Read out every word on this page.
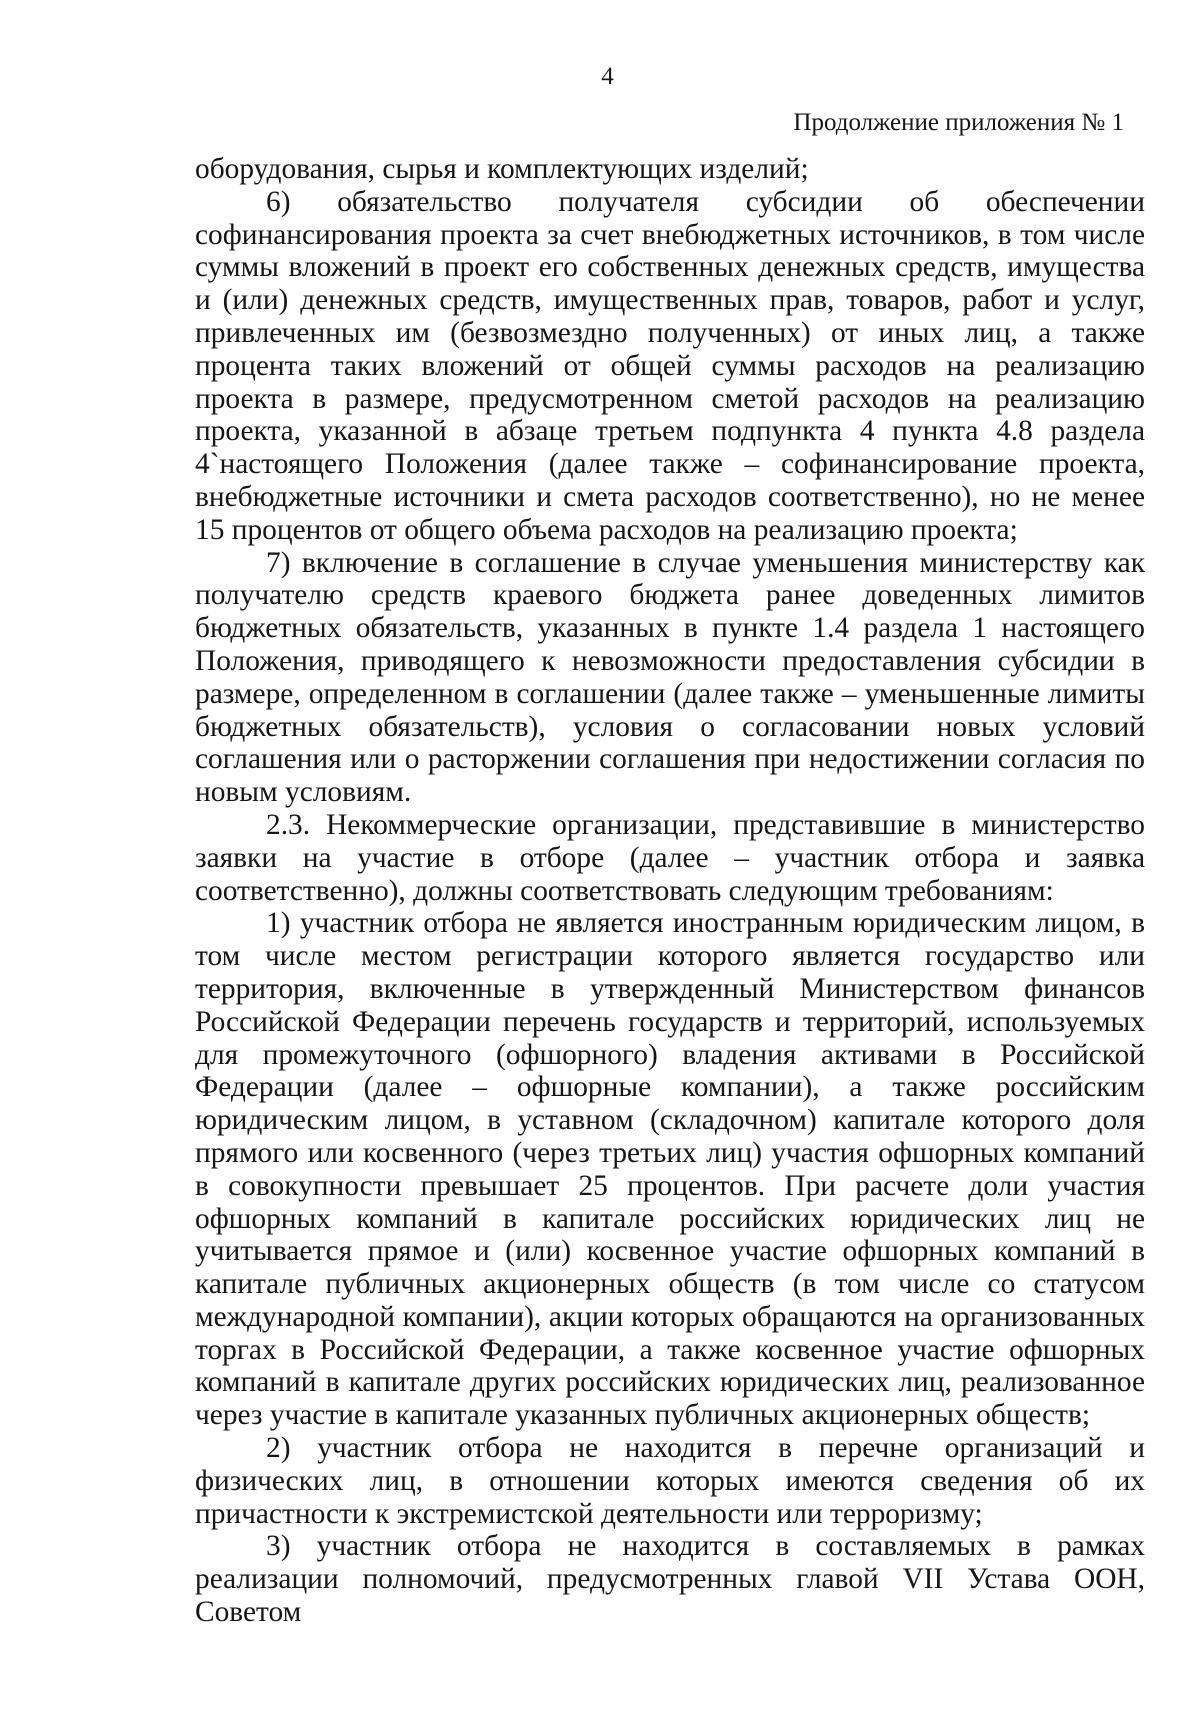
4
Продолжение приложения № 1

оборудования, сырья и комплектующих изделий;

6) обязательство получателя субсидии об обеспечении софинансирования проекта за счет внебюджетных источников, в том числе суммы вложений в проект его собственных денежных средств, имущества и (или) денежных средств, имущественных прав, товаров, работ и услуг, привлеченных им (безвозмездно полученных) от иных лиц, а также процента таких вложений от общей суммы расходов на реализацию проекта в размере, предусмотренном сметой расходов на реализацию проекта, указанной в абзаце третьем подпункта 4 пункта 4.8 раздела 4`настоящего Положения (далее также – софинансирование проекта, внебюджетные источники и смета расходов соответственно), но не менее 15 процентов от общего объема расходов на реализацию проекта;

7) включение в соглашение в случае уменьшения министерству как получателю средств краевого бюджета ранее доведенных лимитов бюджетных обязательств, указанных в пункте 1.4 раздела 1 настоящего Положения, приводящего к невозможности предоставления субсидии в размере, определенном в соглашении (далее также – уменьшенные лимиты бюджетных обязательств), условия о согласовании новых условий соглашения или о расторжении соглашения при недостижении согласия по новым условиям.

2.3. Некоммерческие организации, представившие в министерство заявки на участие в отборе (далее – участник отбора и заявка соответственно), должны соответствовать следующим требованиям:

1) участник отбора не является иностранным юридическим лицом, в том числе местом регистрации которого является государство или территория, включенные в утвержденный Министерством финансов Российской Федерации перечень государств и территорий, используемых для промежуточного (офшорного) владения активами в Российской Федерации (далее – офшорные компании), а также российским юридическим лицом, в уставном (складочном) капитале которого доля прямого или косвенного (через третьих лиц) участия офшорных компаний в совокупности превышает 25 процентов. При расчете доли участия офшорных компаний в капитале российских юридических лиц не учитывается прямое и (или) косвенное участие офшорных компаний в капитале публичных акционерных обществ (в том числе со статусом международной компании), акции которых обращаются на организованных торгах в Российской Федерации, а также косвенное участие офшорных компаний в капитале других российских юридических лиц, реализованное через участие в капитале указанных публичных акционерных обществ;

2) участник отбора не находится в перечне организаций и физических лиц, в отношении которых имеются сведения об их причастности к экстремистской деятельности или терроризму;

3) участник отбора не находится в составляемых в рамках реализации полномочий, предусмотренных главой VII Устава ООН, Советом
